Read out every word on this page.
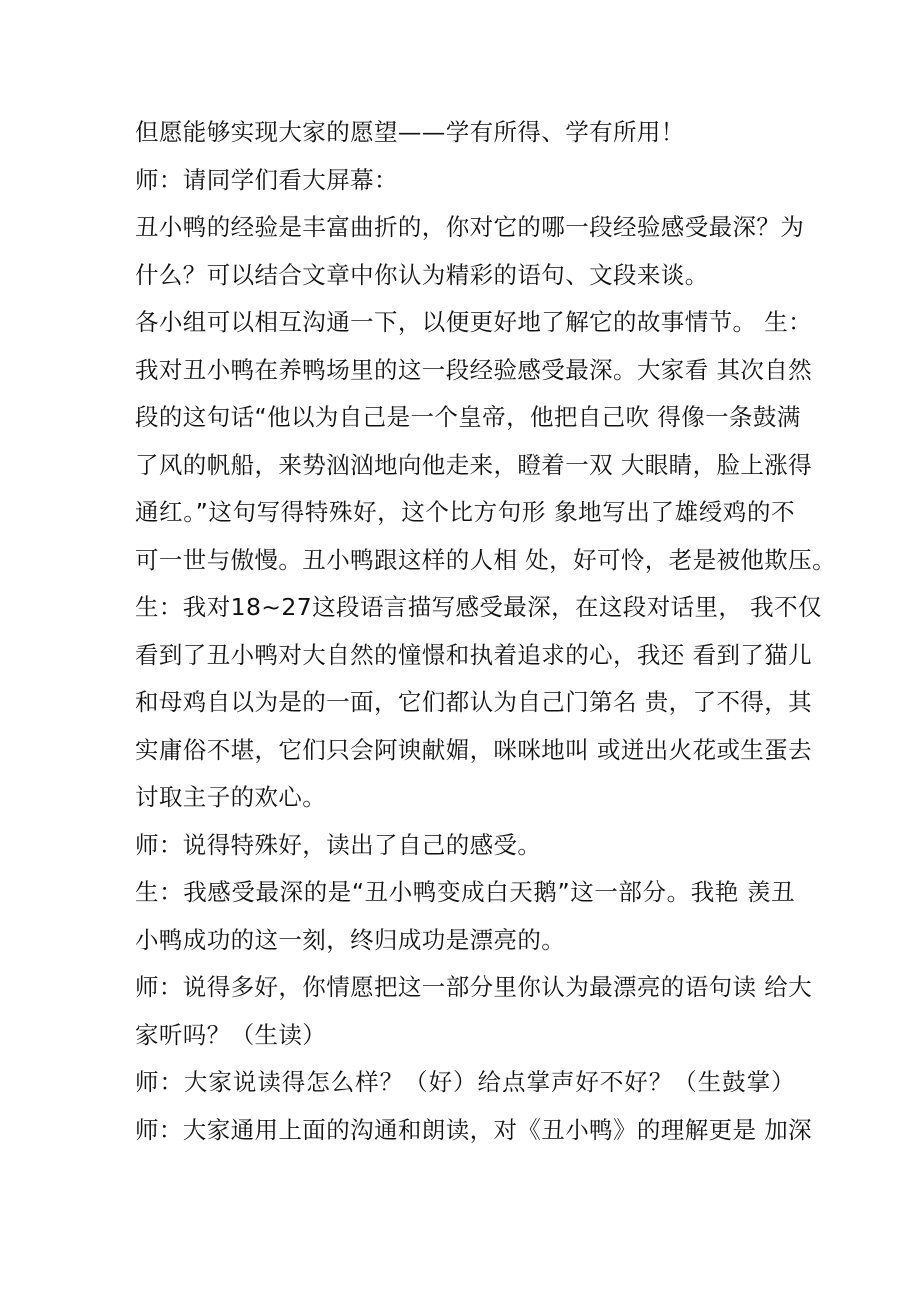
但愿能够实现大家的愿望——学有所得、学有所用！
师：请同学们看大屏幕：
丑小鸭的经验是丰富曲折的，你对它的哪一段经验感受最深？为
什么？可以结合文章中你认为精彩的语句、文段来谈。
各小组可以相互沟通一下，以便更好地了解它的故事情节。 生：
我对丑小鸭在养鸭场里的这一段经验感受最深。大家看 其次自然
段的这句话“他以为自己是一个皇帝，他把自己吹 得像一条鼓满
了风的帆船，来势汹汹地向他走来，瞪着一双 大眼睛，脸上涨得
通红。”这句写得特殊好，这个比方句形 象地写出了雄绶鸡的不
可一世与傲慢。丑小鸭跟这样的人相 处，好可怜，老是被他欺压。
生：我对18~27这段语言描写感受最深，在这段对话里， 我不仅
看到了丑小鸭对大自然的憧憬和执着追求的心，我还 看到了猫儿
和母鸡自以为是的一面，它们都认为自己门第名 贵，了不得，其
实庸俗不堪，它们只会阿谀献媚，咪咪地叫 或迸出火花或生蛋去
讨取主子的欢心。
师：说得特殊好，读出了自己的感受。
生：我感受最深的是“丑小鸭变成白天鹅”这一部分。我艳 羡丑
小鸭成功的这一刻，终归成功是漂亮的。
师：说得多好，你情愿把这一部分里你认为最漂亮的语句读 给大
家听吗？（生读）
师：大家说读得怎么样？（好）给点掌声好不好？（生鼓掌）
师：大家通用上面的沟通和朗读，对《丑小鸭》的理解更是 加深
